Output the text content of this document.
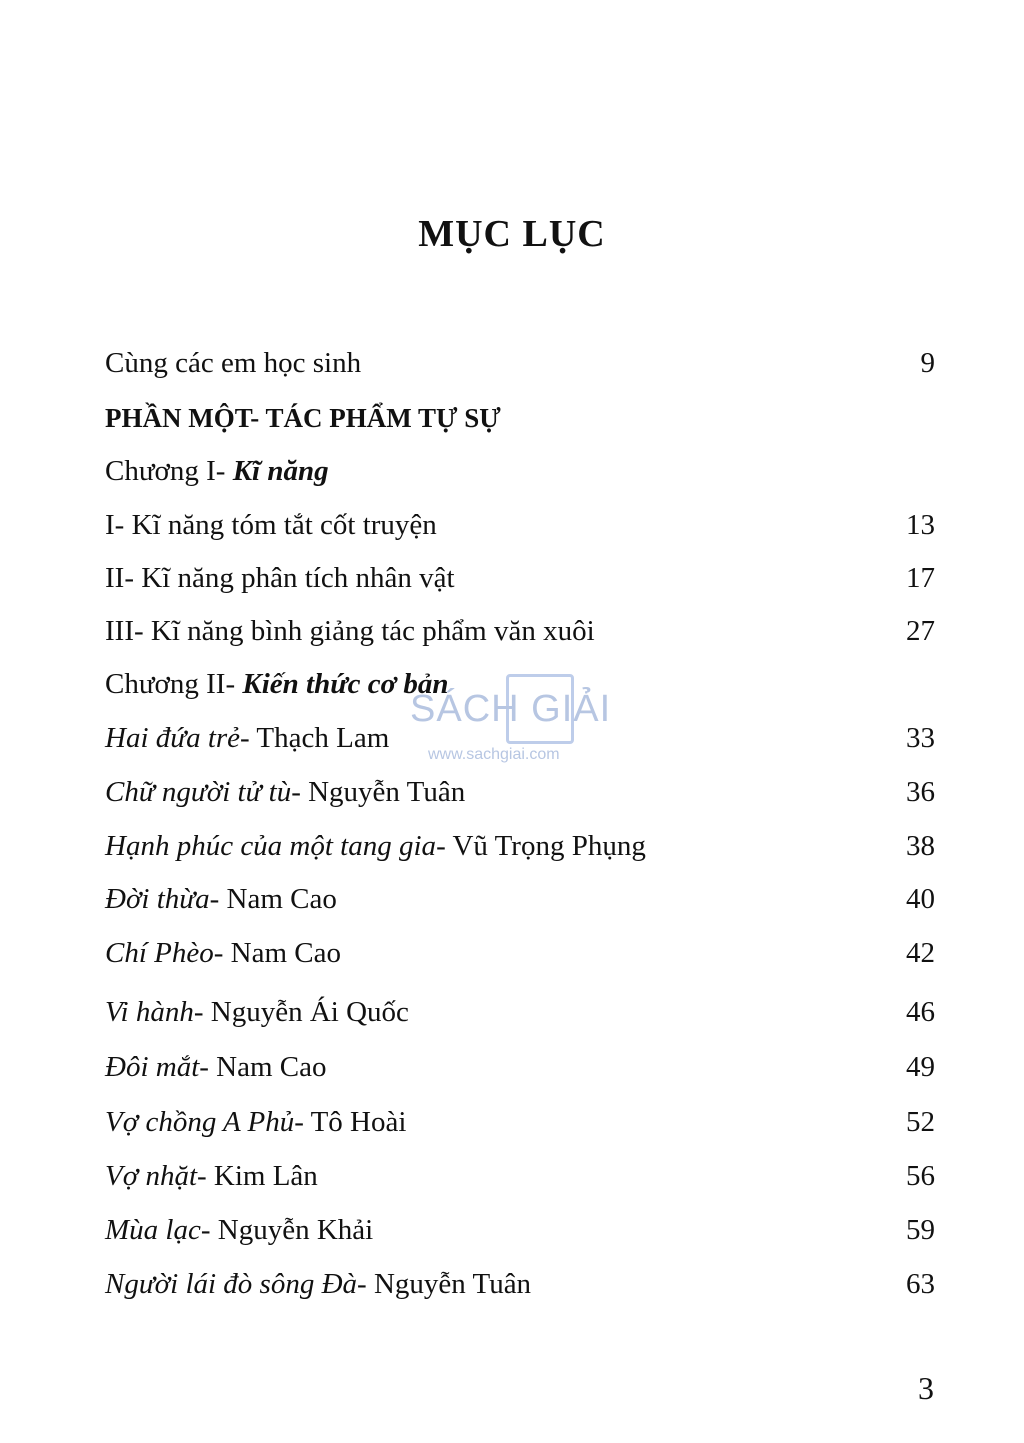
MỤC LỤC
Cùng các em học sinh	9
PHẦN MỘT- TÁC PHẨM TỰ SỰ
Chương I- Kĩ năng
I- Kĩ năng tóm tắt cốt truyện	13
II- Kĩ năng phân tích nhân vật	17
III- Kĩ năng bình giảng tác phẩm văn xuôi	27
Chương II- Kiến thức cơ bản
Hai đứa trẻ- Thạch Lam	33
Chữ người tử tù- Nguyễn Tuân	36
Hạnh phúc của một tang gia- Vũ Trọng Phụng	38
Đời thừa- Nam Cao	40
Chí Phèo- Nam Cao	42
Vi hành- Nguyễn Ái Quốc	46
Đôi mắt- Nam Cao	49
Vợ chồng A Phủ- Tô Hoài	52
Vợ nhặt- Kim Lân	56
Mùa lạc- Nguyễn Khải	59
Người lái đò sông Đà- Nguyễn Tuân	63
SÁCH GIẢI
www.sachgiai.com
3
